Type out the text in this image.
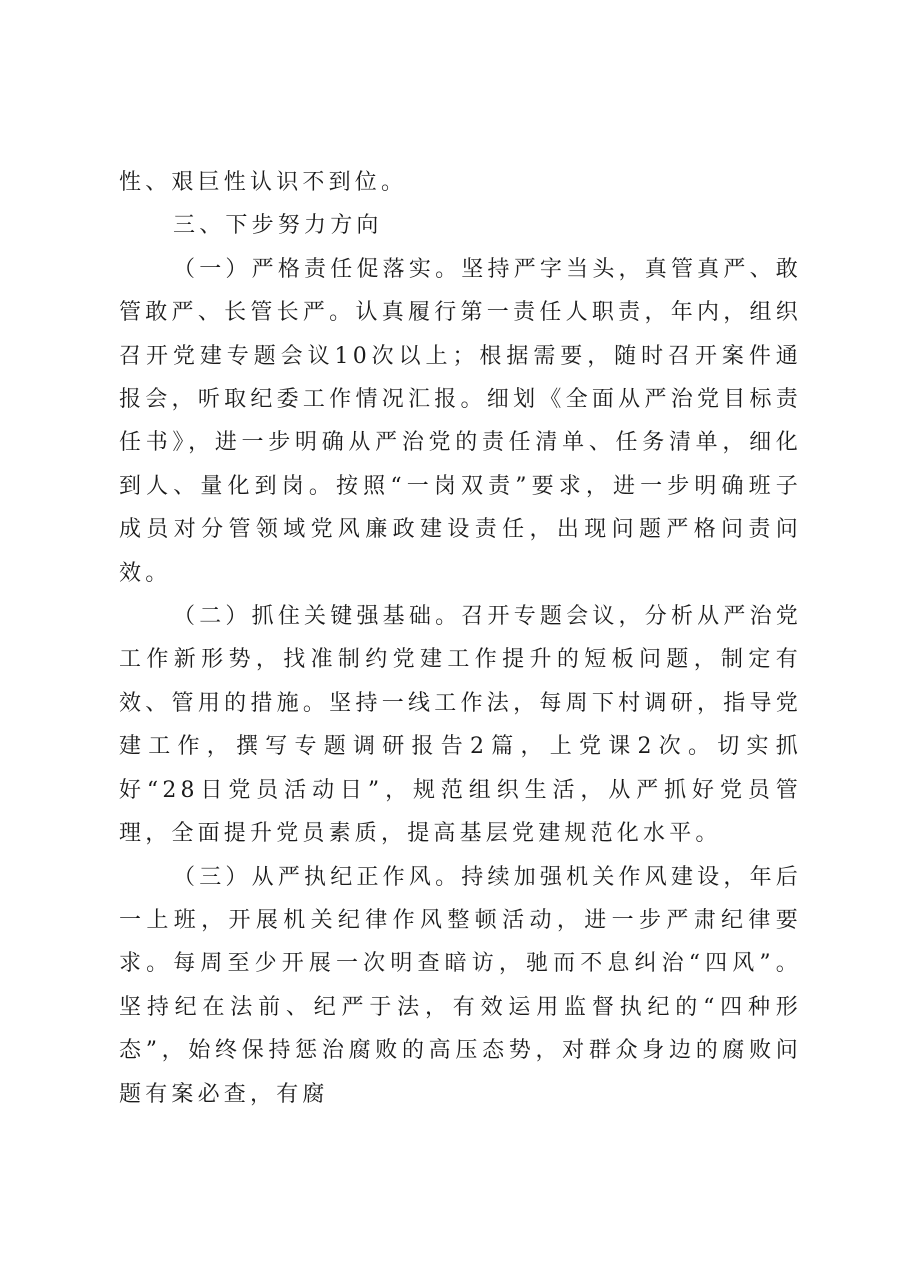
性、艰巨性认识不到位。

三、下步努力方向

（一）严格责任促落实。坚持严字当头，真管真严、敢管敢严、长管长严。认真履行第一责任人职责，年内，组织召开党建专题会议10次以上；根据需要，随时召开案件通报会，听取纪委工作情况汇报。细划《全面从严治党目标责任书》，进一步明确从严治党的责任清单、任务清单，细化到人、量化到岗。按照“一岗双责”要求，进一步明确班子成员对分管领域党风廉政建设责任，出现问题严格问责问效。

（二）抓住关键强基础。召开专题会议，分析从严治党工作新形势，找准制约党建工作提升的短板问题，制定有效、管用的措施。坚持一线工作法，每周下村调研，指导党建工作，撰写专题调研报告2篇，上党课2次。切实抓好“28日党员活动日”，规范组织生活，从严抓好党员管理，全面提升党员素质，提高基层党建规范化水平。

（三）从严执纪正作风。持续加强机关作风建设，年后一上班，开展机关纪律作风整顿活动，进一步严肃纪律要求。每周至少开展一次明查暗访，驰而不息纠治“四风”。坚持纪在法前、纪严于法，有效运用监督执纪的“四种形态”，始终保持惩治腐败的高压态势，对群众身边的腐败问题有案必查，有腐
